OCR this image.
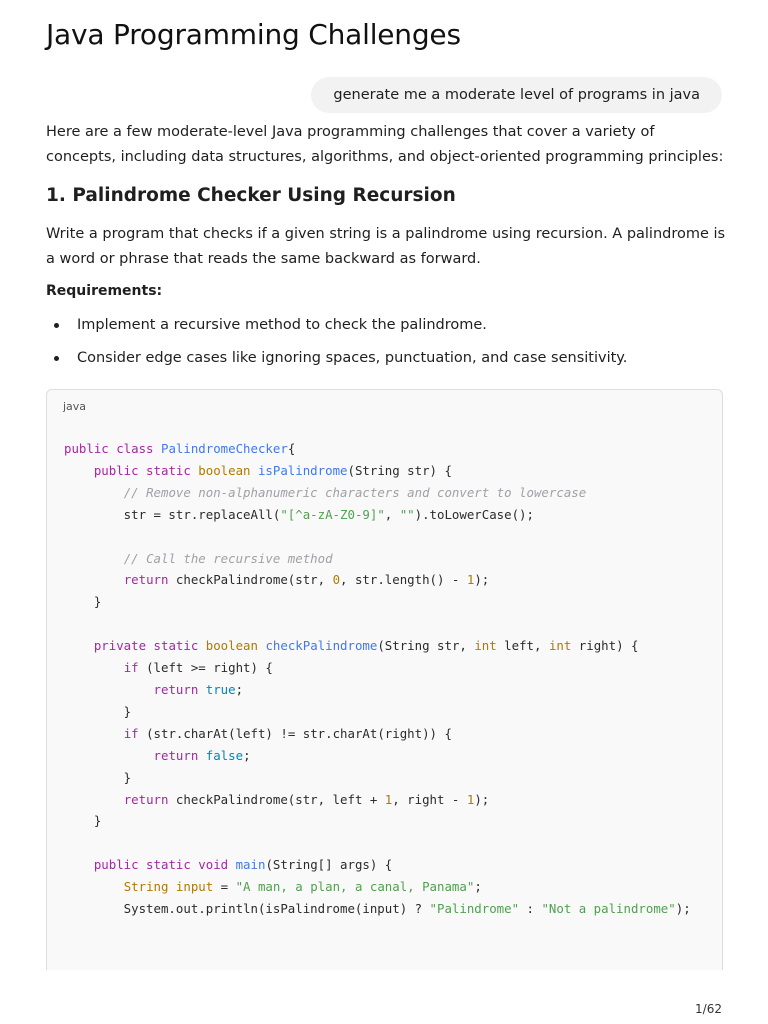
Java Programming Challenges
generate me a moderate level of programs in java

Here are a few moderate-level Java programming challenges that cover a variety of concepts, including data structures, algorithms, and object-oriented programming principles:

1. Palindrome Checker Using Recursion

Write a program that checks if a given string is a palindrome using recursion. A palindrome is a word or phrase that reads the same backward as forward.

Requirements:

Implement a recursive method to check the palindrome.
Consider edge cases like ignoring spaces, punctuation, and case sensitivity.
java
public class PalindromeChecker{
public static boolean isPalindrome(String str) {
// Remove non-alphanumeric characters and convert to lowercase
str = str.replaceAll("[^a-zA-Z0-9]", "").toLowerCase();

// Call the recursive method
return checkPalindrome(str, 0, str.length() - 1);
}

private static boolean checkPalindrome(String str, int left, int right) {
if (left >= right) {
return true;
}
if (str.charAt(left) != str.charAt(right)) {
return false;
}
return checkPalindrome(str, left + 1, right - 1);
}

public static void main(String[] args) {
String input = "A man, a plan, a canal, Panama";
System.out.println(isPalindrome(input) ? "Palindrome" : "Not a palindrome");
1/62
